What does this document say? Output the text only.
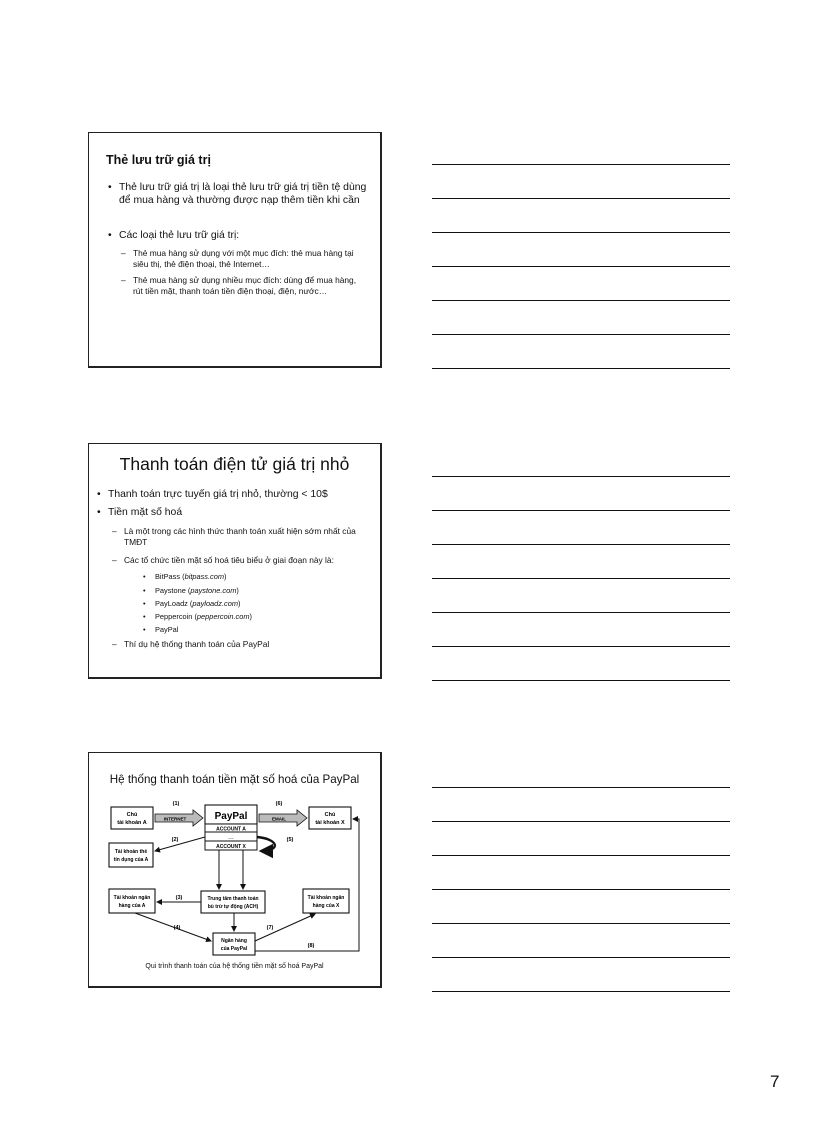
Thẻ lưu trữ giá trị
• Thẻ lưu trữ giá trị là loại thẻ lưu trữ giá trị tiền tệ dùng để mua hàng và thường được nạp thêm tiền khi cần
• Các loại thẻ lưu trữ giá trị:
– Thẻ mua hàng sử dụng với một mục đích: thẻ mua hàng tại siêu thị, thẻ điện thoại, thẻ Internet…
– Thẻ mua hàng sử dụng nhiều mục đích: dùng để mua hàng, rút tiền mặt, thanh toán tiền điện thoại, điện, nước…
Thanh toán điện tử giá trị nhỏ
• Thanh toán trực tuyến giá trị nhỏ, thường < 10$
• Tiền mặt số hoá
– Là một trong các hình thức thanh toán xuất hiện sớm nhất của TMĐT
– Các tổ chức tiền mặt số hoá tiêu biểu ở giai đoạn này là:
• BitPass (bitpass.com)
• Paystone (paystone.com)
• PayLoadz (payloadz.com)
• Peppercoin (peppercoin.com)
• PayPal
– Thí dụ hệ thống thanh toán của PayPal
Hệ thống thanh toán tiền mặt số hoá của PayPal
Chủ tài khoản A
PayPal
ACCOUNT A
…
ACCOUNT X
Chủ tài khoản X
Tài khoản thẻ tín dụng của A
Tài khoản ngân hàng của A
Trung tâm thanh toán bù trừ tự động (ACH)
Tài khoản ngân hàng của X
Ngân hàng của PayPal
INTERNET	EMAIL
(1)
(2)
(3)
(4)
(5)
(6)
(7)
(8)
Qui trình thanh toán của hệ thống tiền mặt số hoá PayPal
7
